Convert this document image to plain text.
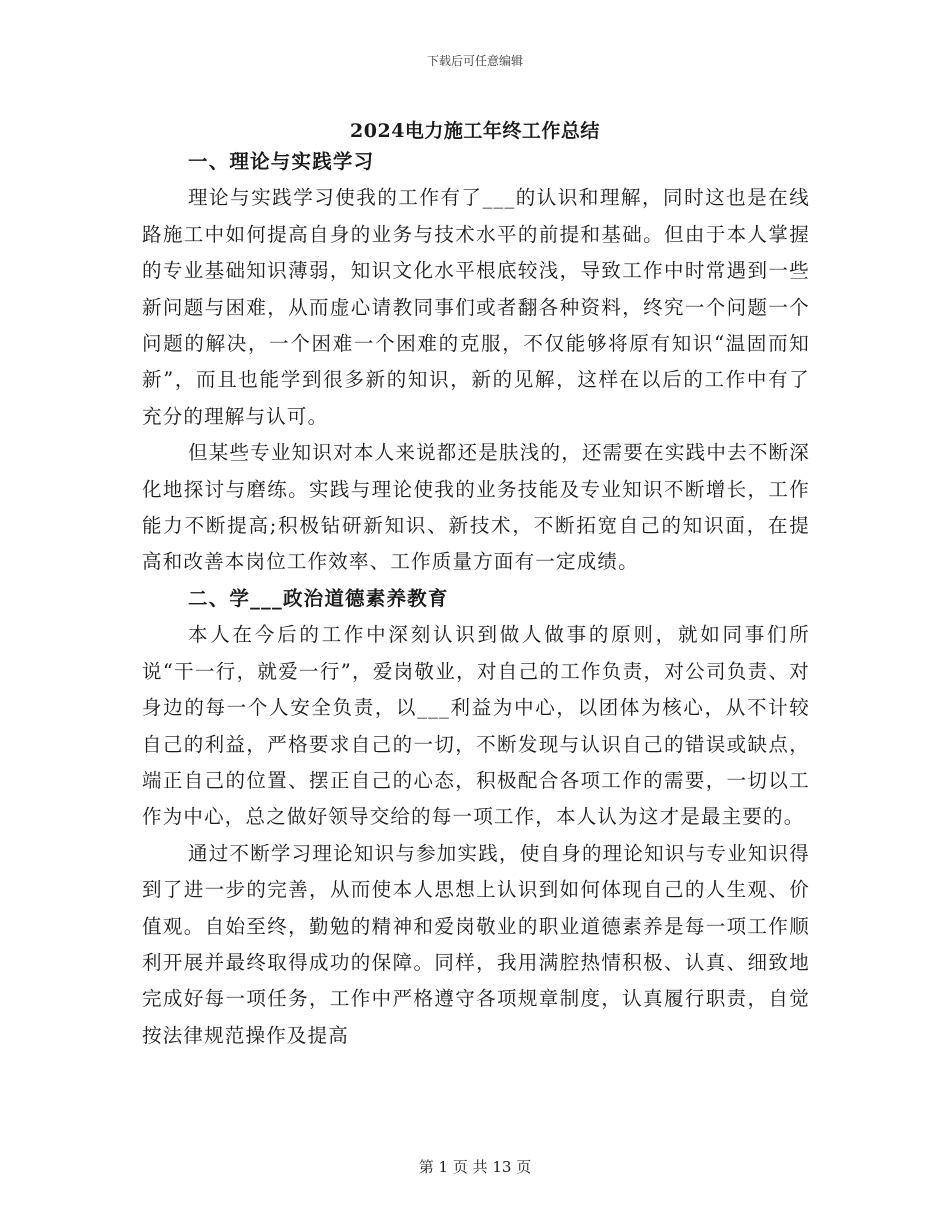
下载后可任意编辑
2024电力施工年终工作总结
一、理论与实践学习

理论与实践学习使我的工作有了___的认识和理解，同时这也是在线路施工中如何提高自身的业务与技术水平的前提和基础。但由于本人掌握的专业基础知识薄弱，知识文化水平根底较浅，导致工作中时常遇到一些新问题与困难，从而虚心请教同事们或者翻各种资料，终究一个问题一个问题的解决，一个困难一个困难的克服，不仅能够将原有知识“温固而知新”，而且也能学到很多新的知识，新的见解，这样在以后的工作中有了充分的理解与认可。

但某些专业知识对本人来说都还是肤浅的，还需要在实践中去不断深化地探讨与磨练。实践与理论使我的业务技能及专业知识不断增长，工作能力不断提高;积极钻研新知识、新技术，不断拓宽自己的知识面，在提高和改善本岗位工作效率、工作质量方面有一定成绩。

二、学___政治道德素养教育

本人在今后的工作中深刻认识到做人做事的原则，就如同事们所说“干一行，就爱一行”，爱岗敬业，对自己的工作负责，对公司负责、对身边的每一个人安全负责，以___利益为中心，以团体为核心，从不计较自己的利益，严格要求自己的一切，不断发现与认识自己的错误或缺点，端正自己的位置、摆正自己的心态，积极配合各项工作的需要，一切以工作为中心，总之做好领导交给的每一项工作，本人认为这才是最主要的。

通过不断学习理论知识与参加实践，使自身的理论知识与专业知识得到了进一步的完善，从而使本人思想上认识到如何体现自己的人生观、价值观。自始至终，勤勉的精神和爱岗敬业的职业道德素养是每一项工作顺利开展并最终取得成功的保障。同样，我用满腔热情积极、认真、细致地完成好每一项任务，工作中严格遵守各项规章制度，认真履行职责，自觉按法律规范操作及提高

第 1 页 共 13 页
